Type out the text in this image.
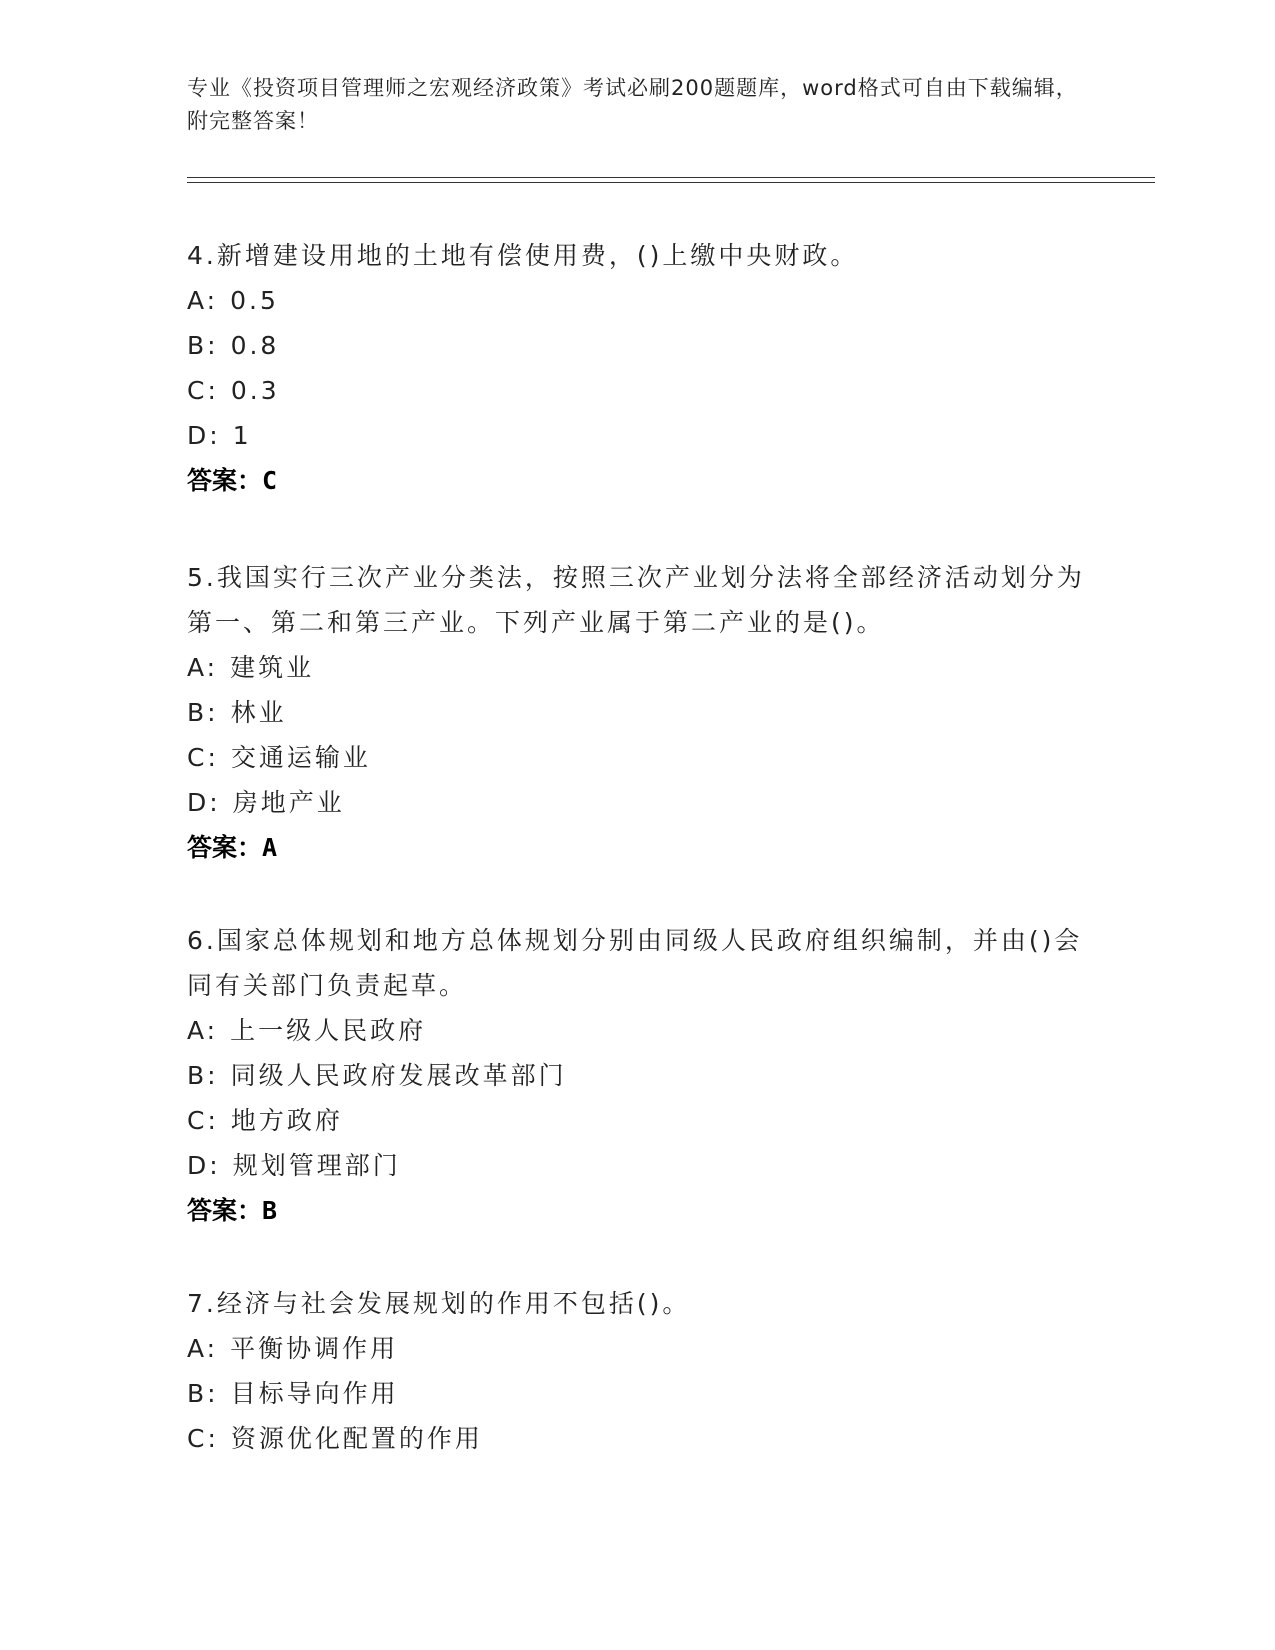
专业《投资项目管理师之宏观经济政策》考试必刷200题题库，word格式可自由下载编辑，附完整答案！

4.新增建设用地的土地有偿使用费，()上缴中央财政。

A: 0.5

B: 0.8

C: 0.3

D: 1

答案：C

5.我国实行三次产业分类法，按照三次产业划分法将全部经济活动划分为第一、第二和第三产业。下列产业属于第二产业的是()。

A: 建筑业

B: 林业

C: 交通运输业

D: 房地产业

答案：A

6.国家总体规划和地方总体规划分别由同级人民政府组织编制，并由()会同有关部门负责起草。

A: 上一级人民政府

B: 同级人民政府发展改革部门

C: 地方政府

D: 规划管理部门

答案：B

7.经济与社会发展规划的作用不包括()。

A: 平衡协调作用

B: 目标导向作用

C: 资源优化配置的作用
